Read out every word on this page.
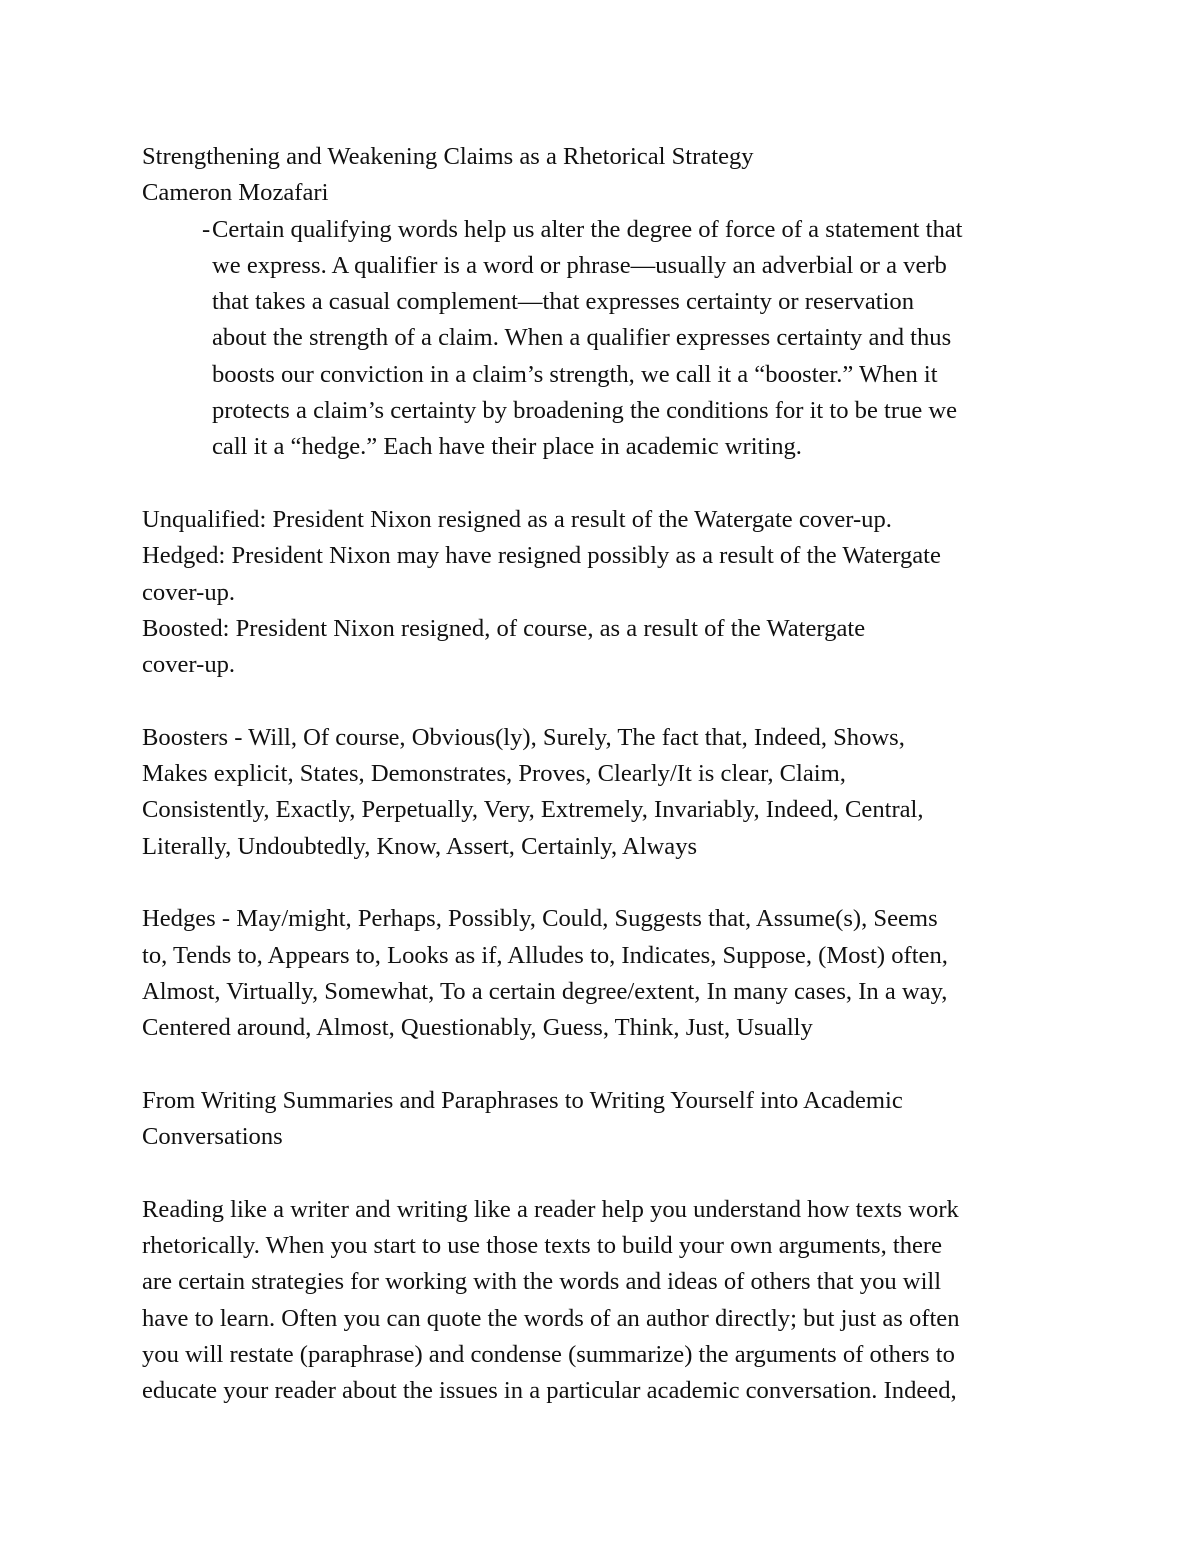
Strengthening and Weakening Claims as a Rhetorical Strategy

Cameron Mozafari

- Certain qualifying words help us alter the degree of force of a statement that

we express. A qualifier is a word or phrase—usually an adverbial or a verb

that takes a casual complement—that expresses certainty or reservation

about the strength of a claim. When a qualifier expresses certainty and thus

boosts our conviction in a claim’s strength, we call it a “booster.” When it

protects a claim’s certainty by broadening the conditions for it to be true we

call it a “hedge.” Each have their place in academic writing.

Unqualified: President Nixon resigned as a result of the Watergate cover-up.

Hedged: President Nixon may have resigned possibly as a result of the Watergate

cover-up.

Boosted: President Nixon resigned, of course, as a result of the Watergate

cover-up.

Boosters - Will, Of course, Obvious(ly), Surely, The fact that, Indeed, Shows,

Makes explicit, States, Demonstrates, Proves, Clearly/It is clear, Claim,

Consistently, Exactly, Perpetually, Very, Extremely, Invariably, Indeed, Central,

Literally, Undoubtedly, Know, Assert, Certainly, Always

Hedges - May/might, Perhaps, Possibly, Could, Suggests that, Assume(s), Seems

to, Tends to, Appears to, Looks as if, Alludes to, Indicates, Suppose, (Most) often,

Almost, Virtually, Somewhat, To a certain degree/extent, In many cases, In a way,

Centered around, Almost, Questionably, Guess, Think, Just, Usually

From Writing Summaries and Paraphrases to Writing Yourself into Academic

Conversations

Reading like a writer and writing like a reader help you understand how texts work

rhetorically. When you start to use those texts to build your own arguments, there

are certain strategies for working with the words and ideas of others that you will

have to learn. Often you can quote the words of an author directly; but just as often

you will restate (paraphrase) and condense (summarize) the arguments of others to

educate your reader about the issues in a particular academic conversation. Indeed,
